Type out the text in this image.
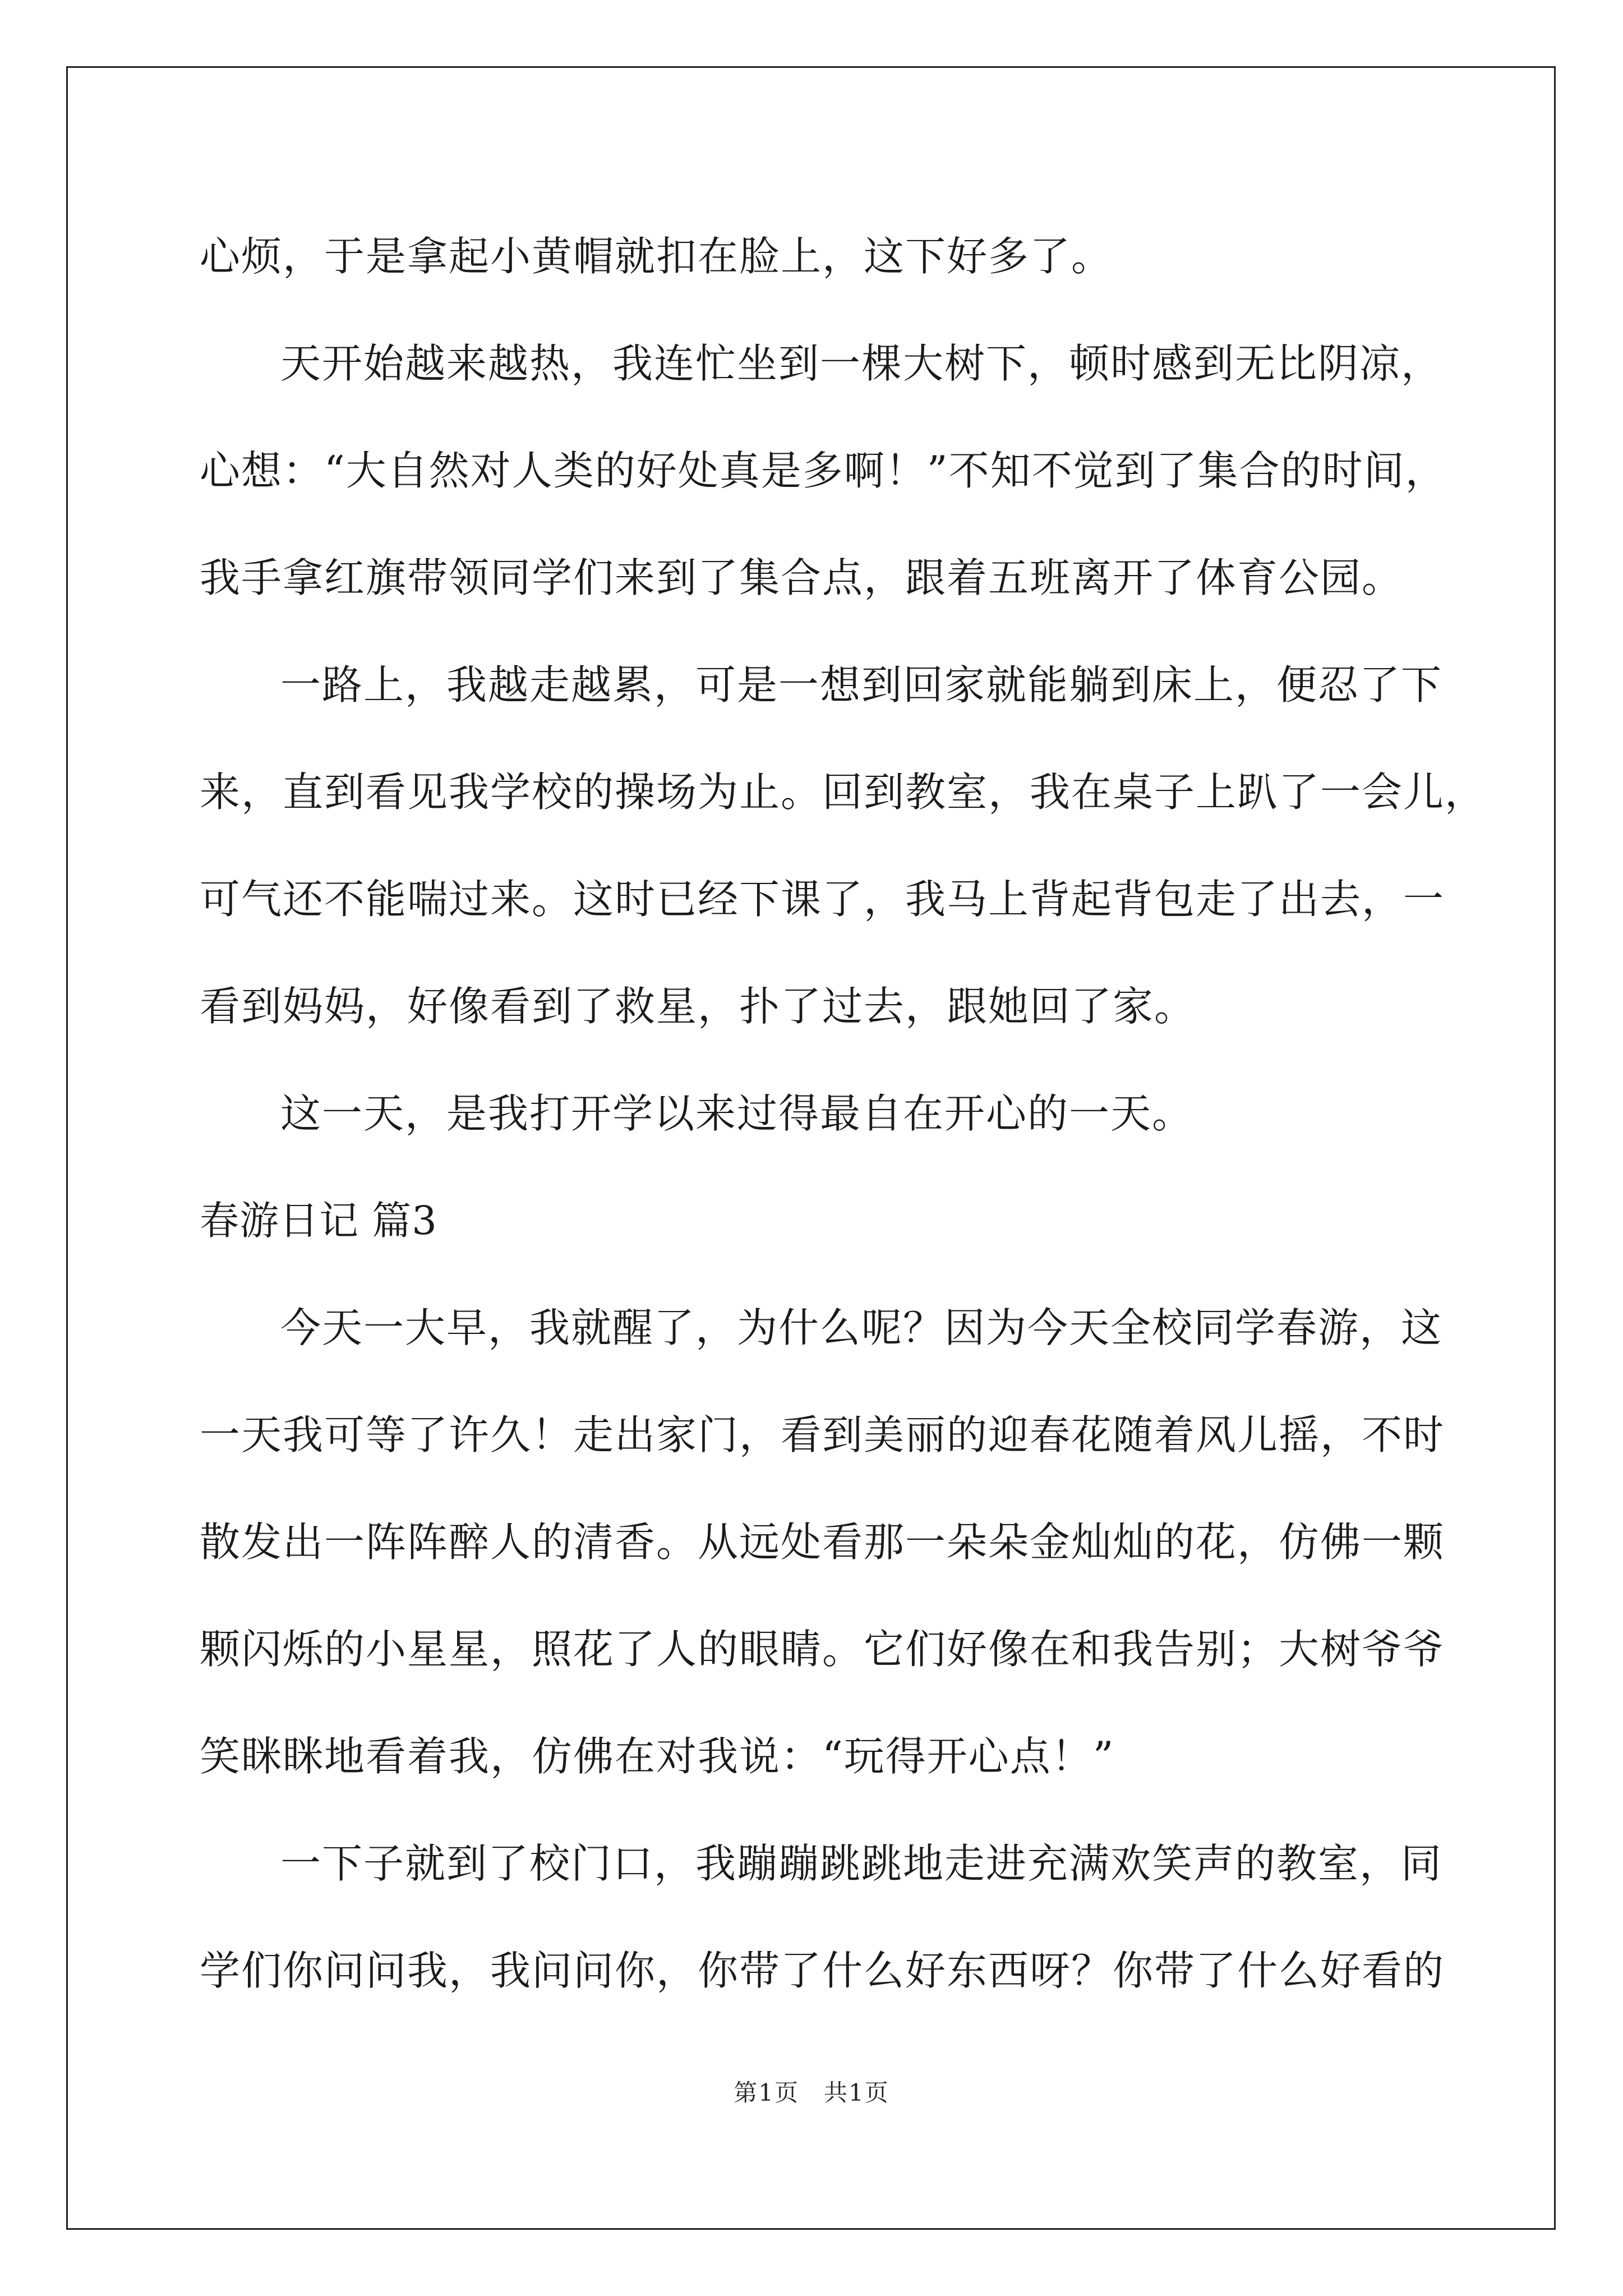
心烦，于是拿起小黄帽就扣在脸上，这下好多了。

天开始越来越热，我连忙坐到一棵大树下，顿时感到无比阴凉，

心想：“大自然对人类的好处真是多啊！”不知不觉到了集合的时间，

我手拿红旗带领同学们来到了集合点，跟着五班离开了体育公园。

一路上，我越走越累，可是一想到回家就能躺到床上，便忍了下

来，直到看见我学校的操场为止。回到教室，我在桌子上趴了一会儿，

可气还不能喘过来。这时已经下课了，我马上背起背包走了出去，一

看到妈妈，好像看到了救星，扑了过去，跟她回了家。

这一天，是我打开学以来过得最自在开心的一天。

春游日记 篇3

今天一大早，我就醒了，为什么呢？因为今天全校同学春游，这

一天我可等了许久！走出家门，看到美丽的迎春花随着风儿摇，不时

散发出一阵阵醉人的清香。从远处看那一朵朵金灿灿的花，仿佛一颗

颗闪烁的小星星，照花了人的眼睛。它们好像在和我告别；大树爷爷

笑眯眯地看着我，仿佛在对我说：“玩得开心点！”

一下子就到了校门口，我蹦蹦跳跳地走进充满欢笑声的教室，同

学们你问问我，我问问你，你带了什么好东西呀？你带了什么好看的

第1页　共1页
